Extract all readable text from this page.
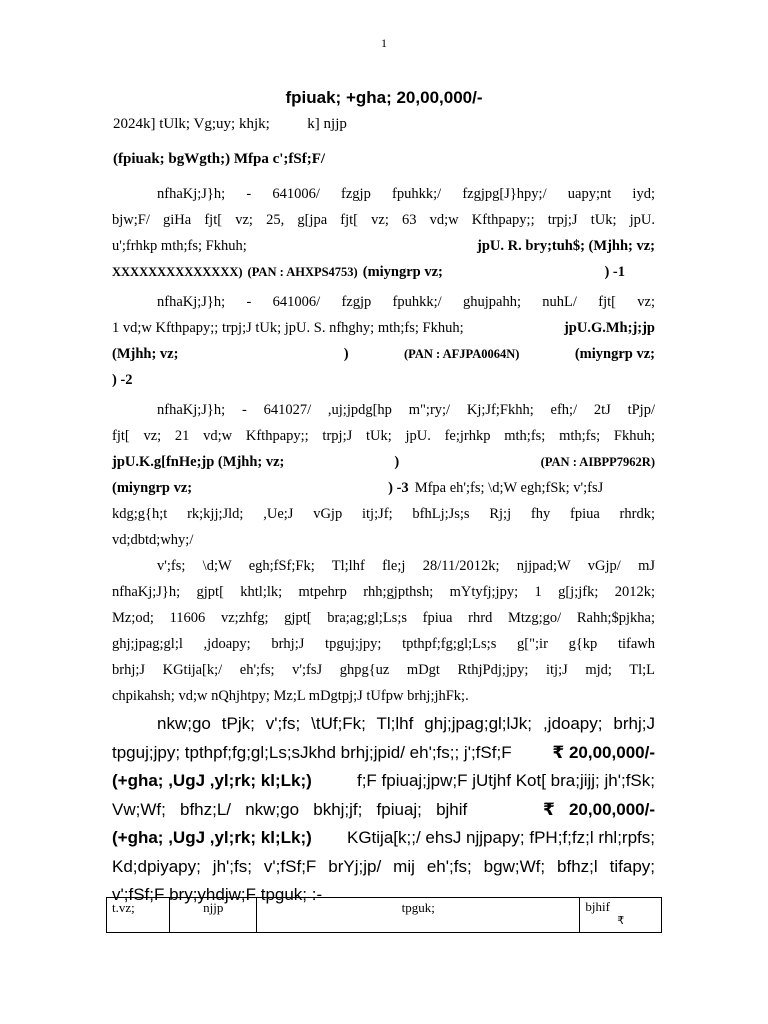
1
fpiuak; +gha; 20,00,000/-
2024k] tUlk; Vg;uy; khjk;          k] njjp
(fpiuak; bgWgth;) Mfpa c';fSf;F/
nfhaKj;J}h; - 641006/ fzgjp fpuhkk;/ fzgjpg[J}hpy;/ uapy;nt iyd;
bjw;F/ giHa fjt[ vz; 25, g[jpa fjt[ vz; 63 vd;w Kfthpapy;; trpj;J tUk; jpU.
u';frhkp mth;fs; Fkhuh;	jpU. R. bry;tuh$; (Mjhh; vz;
XXXXXXXXXXXXXX) (PAN : AHXPS4753) (miyngrp vz;	) -1
nfhaKj;J}h; - 641006/ fzgjp fpuhkk;/ ghujpahh; nuhL/ fjt[ vz;
1 vd;w Kfthpapy;; trpj;J tUk; jpU. S. nfhghy; mth;fs; Fkhuh;	jpU.G.Mh;j;jp
(Mjhh; vz;	)	(PAN : AFJPA0064N)	(miyngrp vz;
) -2
nfhaKj;J}h; - 641027/ ,uj;jpdg[hp m";ry;/ Kj;Jf;Fkhh; efh;/ 2tJ tPjp/
fjt[ vz; 21 vd;w Kfthpapy;; trpj;J tUk; jpU. fe;jrhkp mth;fs; mth;fs; Fkhuh;
jpU.K.g[fnHe;jp (Mjhh; vz;	)	(PAN : AIBPP7962R)
(miyngrp vz;	) -3 Mfpa eh';fs; \d;W egh;fSk; v';fsJ
kdg;g{h;t rk;kjj;Jld; ,Ue;J vGjp itj;Jf; bfhLj;Js;s Rj;j fhy fpiua rhrdk;
vd;dbtd;why;/
v';fs; \d;W egh;fSf;Fk; Tl;lhf fle;j 28/11/2012k; njjpad;W vGjp/ mJ
nfhaKj;J}h; gjpt[ khtl;lk; mtpehrp rhh;gjpthsh; mYtyfj;jpy; 1 g[j;jfk; 2012k;
Mz;od; 11606 vz;zhfg; gjpt[ bra;ag;gl;Ls;s fpiua rhrd Mtzg;go/ Rahh;$pjkha;
ghj;jpag;gl;l ,jdoapy; brhj;J tpguj;jpy; tpthpf;fg;gl;Ls;s g[";ir g{kp tifawh
brhj;J KGtija[k;/ eh';fs; v';fsJ ghpg{uz mDgt RthjPdj;jpy; itj;J mjd; Tl;L
chpikahsh; vd;w nQhjhtpy; Mz;L mDgtpj;J tUfpw brhj;jhFk;.
nkw;go tPjk; v';fs; \tUf;Fk; Tl;lhf ghj;jpag;gl;lJk; ,jdoapy; brhj;J
tpguj;jpy; tpthpf;fg;gl;Ls;sJkhd brhj;jpid/ eh';fs;; j';fSf;F ₹ 20,00,000/-
(+gha; ,UgJ ,yl;rk; kl;Lk;)	f;F fpiuaj;jpw;F jUtjhf Kot[ bra;jijj; jh';fSk;
Vw;Wf;   bfhz;L/   nkw;go   bkhj;jf;   fpiuaj;   bjhif	₹   20,00,000/-
(+gha; ,UgJ ,yl;rk; kl;Lk;) KGtija[k;;/ ehsJ njjpapy; fPH;f;fz;l rhl;rpfs;
Kd;dpiyapy; jh';fs; v';fSf;F brYj;jp/ mij eh';fs; bgw;Wf; bfhz;l tifapy;
v';fSf;F bry;yhdjw;F tpguk; :-
t.vz;	njjp	tpguk;	bjhif

₹
